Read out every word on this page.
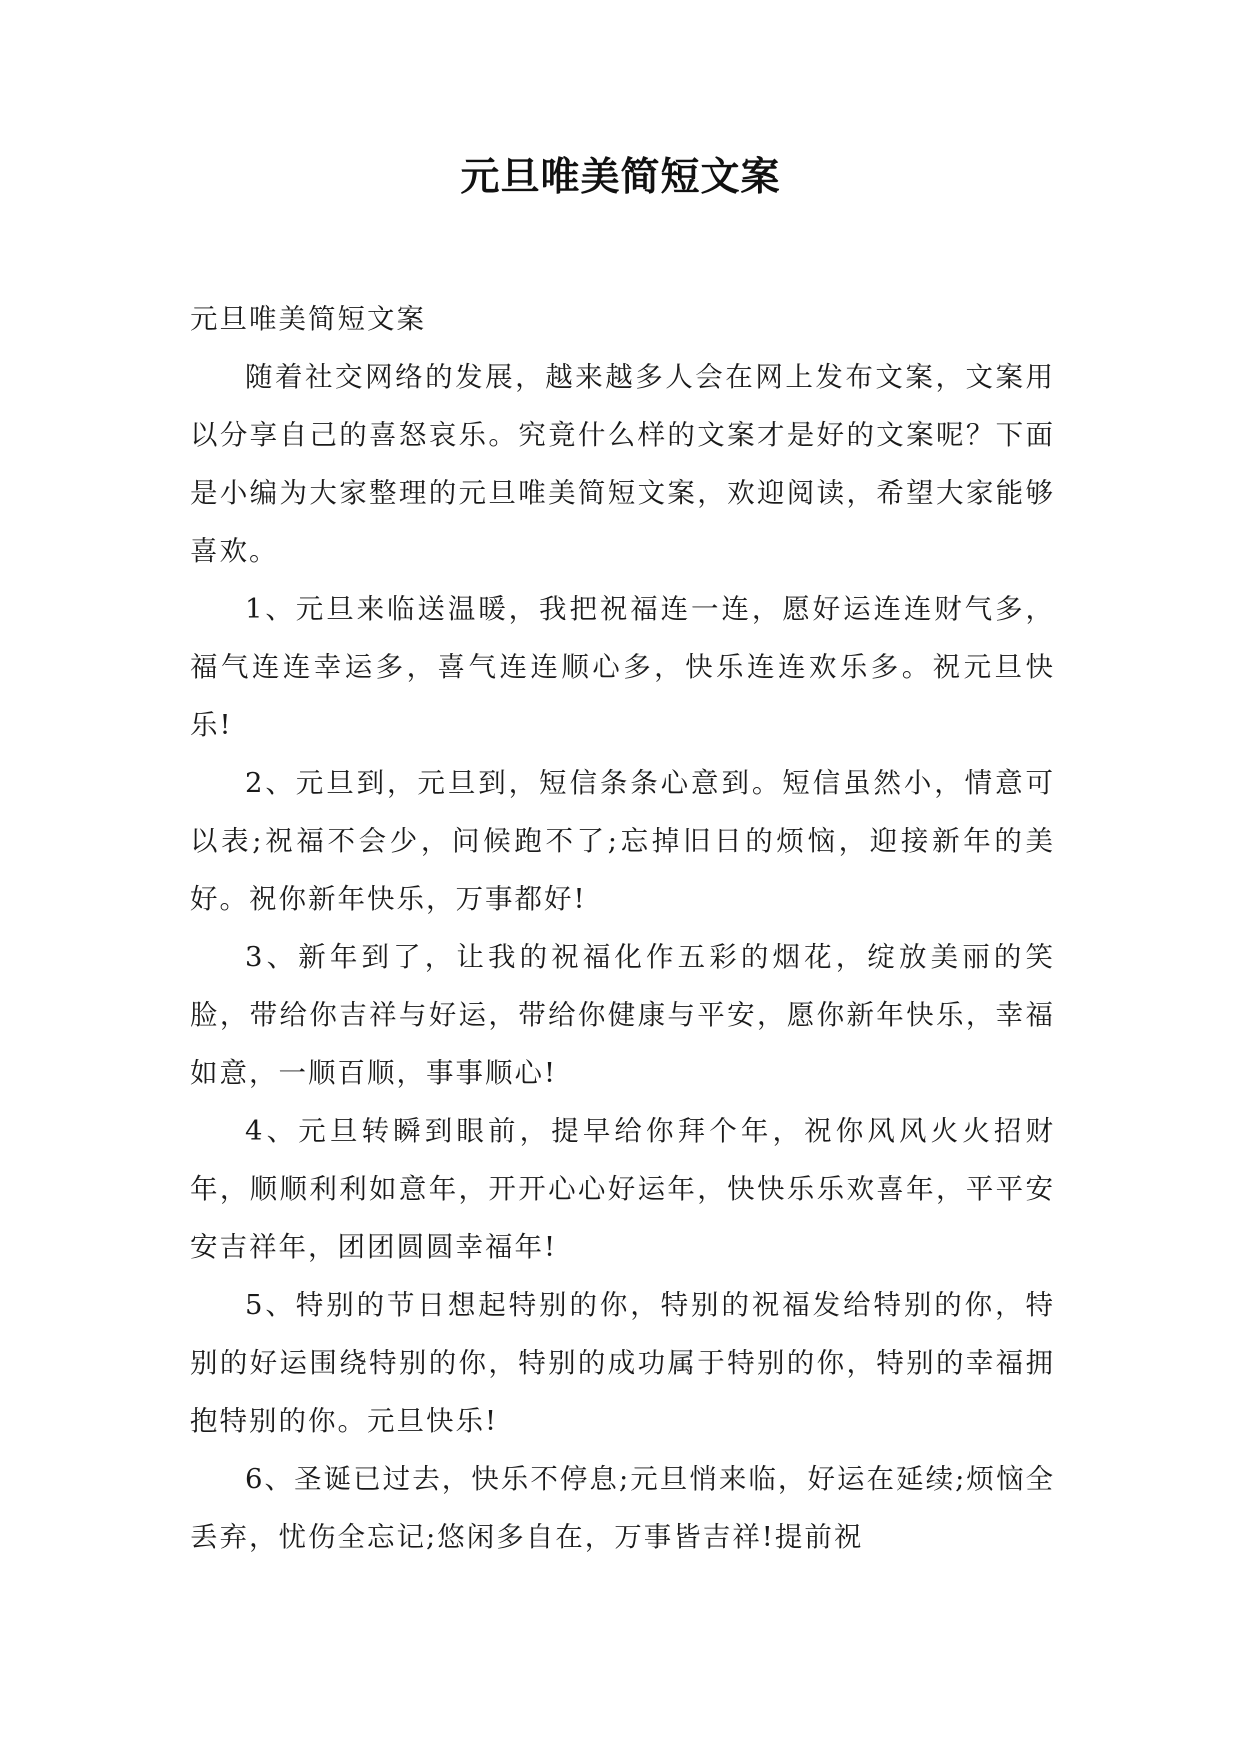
元旦唯美简短文案

元旦唯美简短文案

随着社交网络的发展，越来越多人会在网上发布文案，文案用以分享自己的喜怒哀乐。究竟什么样的文案才是好的文案呢？下面是小编为大家整理的元旦唯美简短文案，欢迎阅读，希望大家能够喜欢。

1、元旦来临送温暖，我把祝福连一连，愿好运连连财气多，福气连连幸运多，喜气连连顺心多，快乐连连欢乐多。祝元旦快乐!

2、元旦到，元旦到，短信条条心意到。短信虽然小，情意可以表;祝福不会少，问候跑不了;忘掉旧日的烦恼，迎接新年的美好。祝你新年快乐，万事都好!

3、新年到了，让我的祝福化作五彩的烟花，绽放美丽的笑脸，带给你吉祥与好运，带给你健康与平安，愿你新年快乐，幸福如意，一顺百顺，事事顺心!

4、元旦转瞬到眼前，提早给你拜个年，祝你风风火火招财年，顺顺利利如意年，开开心心好运年，快快乐乐欢喜年，平平安安吉祥年，团团圆圆幸福年!

5、特别的节日想起特别的你，特别的祝福发给特别的你，特别的好运围绕特别的你，特别的成功属于特别的你，特别的幸福拥抱特别的你。元旦快乐!

6、圣诞已过去，快乐不停息;元旦悄来临，好运在延续;烦恼全丢弃，忧伤全忘记;悠闲多自在，万事皆吉祥!提前祝
